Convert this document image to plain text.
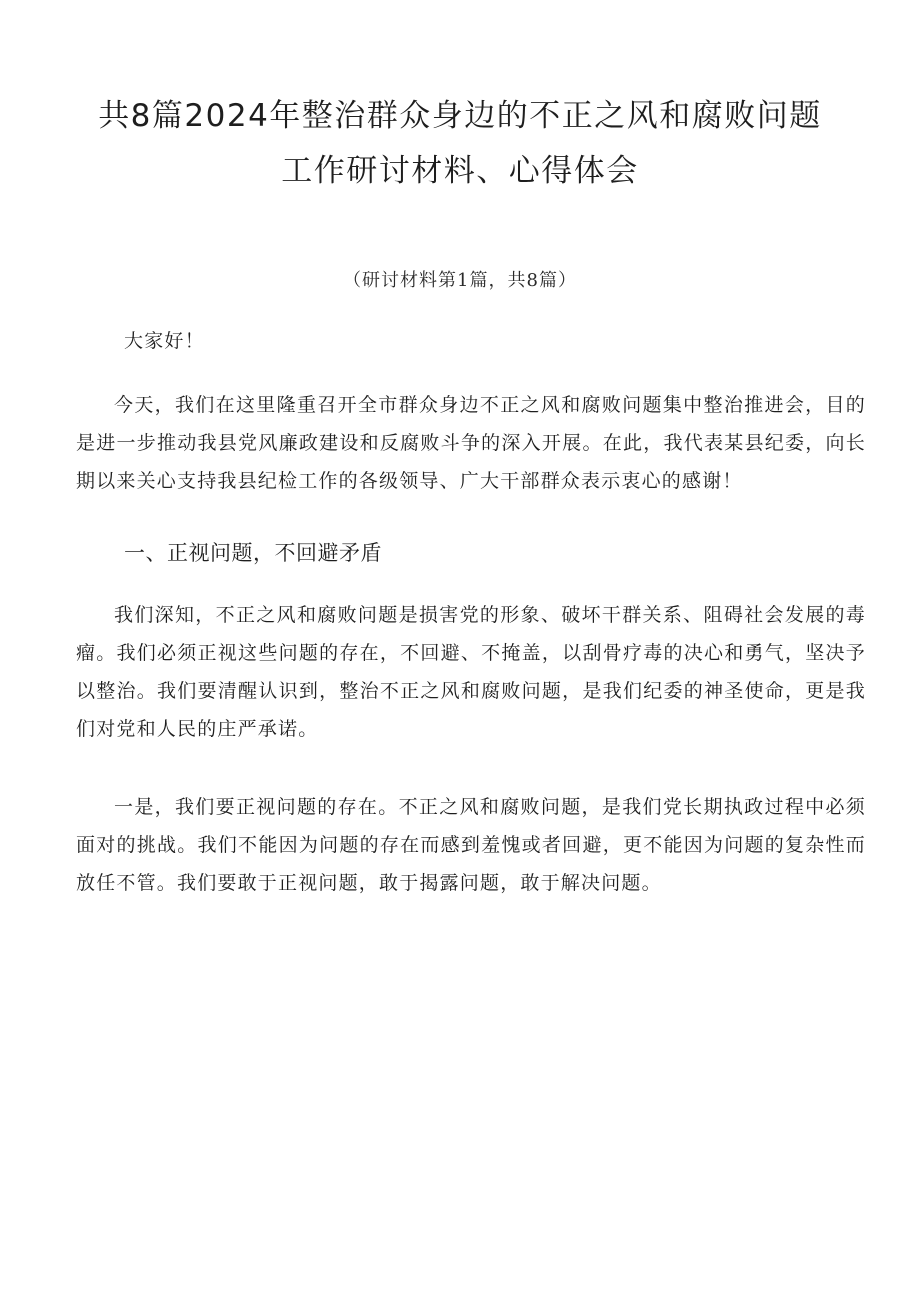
共8篇2024年整治群众身边的不正之风和腐败问题
工作研讨材料、心得体会
（研讨材料第1篇，共8篇）

大家好！

今天，我们在这里隆重召开全市群众身边不正之风和腐败问题集中整治推进会，目的是进一步推动我县党风廉政建设和反腐败斗争的深入开展。在此，我代表某县纪委，向长期以来关心支持我县纪检工作的各级领导、广大干部群众表示衷心的感谢！

一、正视问题，不回避矛盾

我们深知，不正之风和腐败问题是损害党的形象、破坏干群关系、阻碍社会发展的毒瘤。我们必须正视这些问题的存在，不回避、不掩盖，以刮骨疗毒的决心和勇气，坚决予以整治。我们要清醒认识到，整治不正之风和腐败问题，是我们纪委的神圣使命，更是我们对党和人民的庄严承诺。

一是，我们要正视问题的存在。不正之风和腐败问题，是我们党长期执政过程中必须面对的挑战。我们不能因为问题的存在而感到羞愧或者回避，更不能因为问题的复杂性而放任不管。我们要敢于正视问题，敢于揭露问题，敢于解决问题。
